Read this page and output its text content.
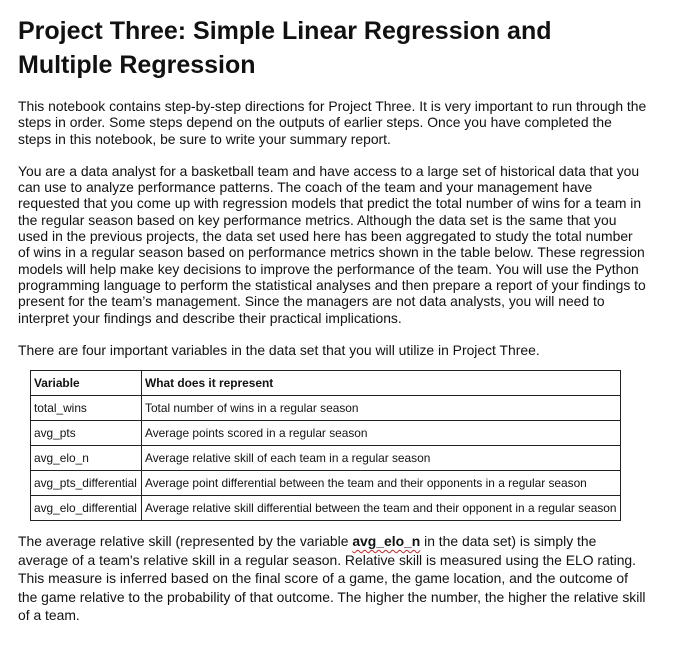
Project Three: Simple Linear Regression and Multiple Regression

This notebook contains step-by-step directions for Project Three. It is very important to run through the steps in order. Some steps depend on the outputs of earlier steps. Once you have completed the steps in this notebook, be sure to write your summary report.

You are a data analyst for a basketball team and have access to a large set of historical data that you can use to analyze performance patterns. The coach of the team and your management have requested that you come up with regression models that predict the total number of wins for a team in the regular season based on key performance metrics. Although the data set is the same that you used in the previous projects, the data set used here has been aggregated to study the total number of wins in a regular season based on performance metrics shown in the table below. These regression models will help make key decisions to improve the performance of the team. You will use the Python programming language to perform the statistical analyses and then prepare a report of your findings to present for the team’s management. Since the managers are not data analysts, you will need to interpret your findings and describe their practical implications.

There are four important variables in the data set that you will utilize in Project Three.

Variable	What does it represent
total_wins	Total number of wins in a regular season
avg_pts	Average points scored in a regular season
avg_elo_n	Average relative skill of each team in a regular season
avg_pts_differential	Average point differential between the team and their opponents in a regular season
avg_elo_differential	Average relative skill differential between the team and their opponent in a regular season

The average relative skill (represented by the variable avg_elo_n in the data set) is simply the average of a team's relative skill in a regular season. Relative skill is measured using the ELO rating. This measure is inferred based on the final score of a game, the game location, and the outcome of the game relative to the probability of that outcome. The higher the number, the higher the relative skill of a team.
